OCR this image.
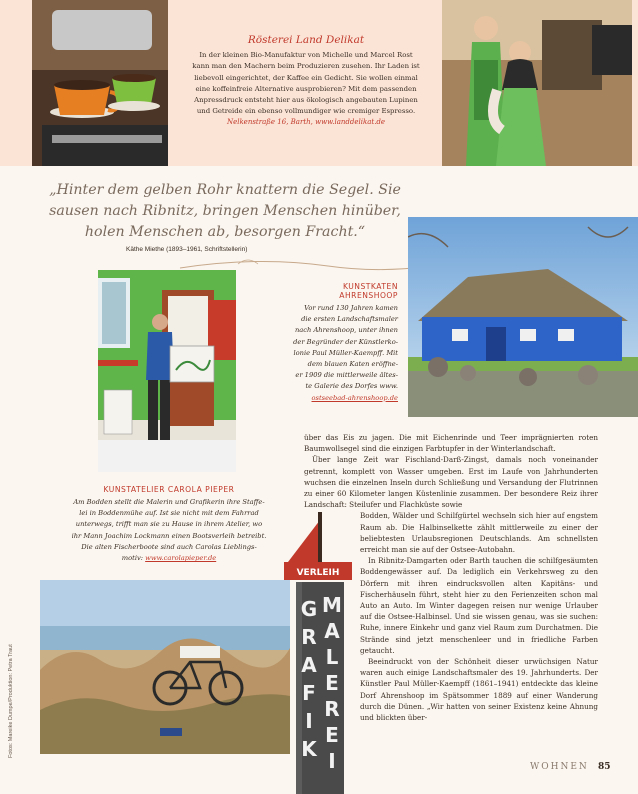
Rösterei Land Delikat
In der kleinen Bio-Manufaktur von Michelle und Marcel Rost
kann man den Machern beim Produzieren zusehen. Ihr Laden ist
liebevoll eingerichtet, der Kaffee ein Gedicht. Sie wollen einmal
eine koffeinfreie Alternative ausprobieren? Mit dem passenden
Anpressdruck entsteht hier aus ökologisch angebauten Lupinen
und Getreide ein ebenso vollmundiger wie cremiger Espresso.
Nelkenstraße 16, Barth, www.landdelikat.de
„Hinter dem gelben Rohr knattern die Segel. Sie sausen nach Ribnitz, bringen Menschen hinüber, holen Menschen ab, besorgen Fracht.“
Käthe Miethe (1893–1961, Schriftstellerin)
KUNSTKATEN
AHRENSHOOP
Vor rund 130 Jahren kamen
die ersten Landschaftsmaler
nach Ahrenshoop, unter ihnen
der Begründer der Künstlerko-
lonie Paul Müller-Kaempff. Mit
dem blauen Katen eröffne-
er 1909 die mittlerweile ältes-
te Galerie des Dorfes www.
ostseebad-ahrenshoop.de
KUNSTATELIER CAROLA PIEPER
Am Bodden stellt die Malerin und Grafikerin ihre Staffe-
lei in Boddenmühe auf. Ist sie nicht mit dem Fahrrad
unterwegs, trifft man sie zu Hause in ihrem Atelier, wo
ihr Mann Joachim Lockmann einen Bootsverleih betreibt.
Die alten Fischerboote sind auch Carolas Lieblings-
motiv: www.carolapieper.de
Fotos: Mareike Dumpe/Produktion: Petra Traut
VERLEIH
G
R
A
F
I
K
M
A
L
E
R
E
I

über das Eis zu jagen. Die mit Eichenrinde und Teer imprägnierten roten Baumwollsegel sind die einzigen Farbtupfer in der Winterlandschaft.

Über lange Zeit war Fischland-Darß-Zingst, damals noch voneinander getrennt, komplett von Wasser umgeben. Erst im Laufe von Jahrhunderten wuchsen die einzelnen Inseln durch Schließung und Versandung der Flutrinnen zu einer 60 Kilometer langen Küstenlinie zusammen. Der besondere Reiz ihrer Landschaft: Steilufer und Flachküste sowie

Bodden, Wälder und Schilfgürtel wechseln sich hier auf engstem Raum ab. Die Halbinselkette zählt mittlerweile zu einer der beliebtesten Urlaubsregionen Deutschlands. Am schnellsten erreicht man sie auf der Ostsee-Autobahn.

In Ribnitz-Damgarten oder Barth tauchen die schilfgesäumten Boddengewässer auf. Da lediglich ein Verkehrsweg zu den Dörfern mit ihren eindrucksvollen alten Kapitäns- und Fischerhäuseln führt, steht hier zu den Ferienzeiten schon mal Auto an Auto. Im Winter dagegen reisen nur wenige Urlauber auf die Ostsee-Halbinsel. Und sie wissen genau, was sie suchen: Ruhe, innere Einkehr und ganz viel Raum zum Durchatmen. Die Strände sind jetzt menschenleer und in friedliche Farben getaucht.

Beeindruckt von der Schönheit dieser urwüchsigen Natur waren auch einige Landschaftsmaler des 19. Jahrhunderts. Der Künstler Paul Müller-Kaempff (1861–1941) entdeckte das kleine Dorf Ahrenshoop im Spätsommer 1889 auf einer Wanderung durch die Dünen. „Wir hatten von seiner Existenz keine Ahnung und blickten über-

WOHNEN 85
